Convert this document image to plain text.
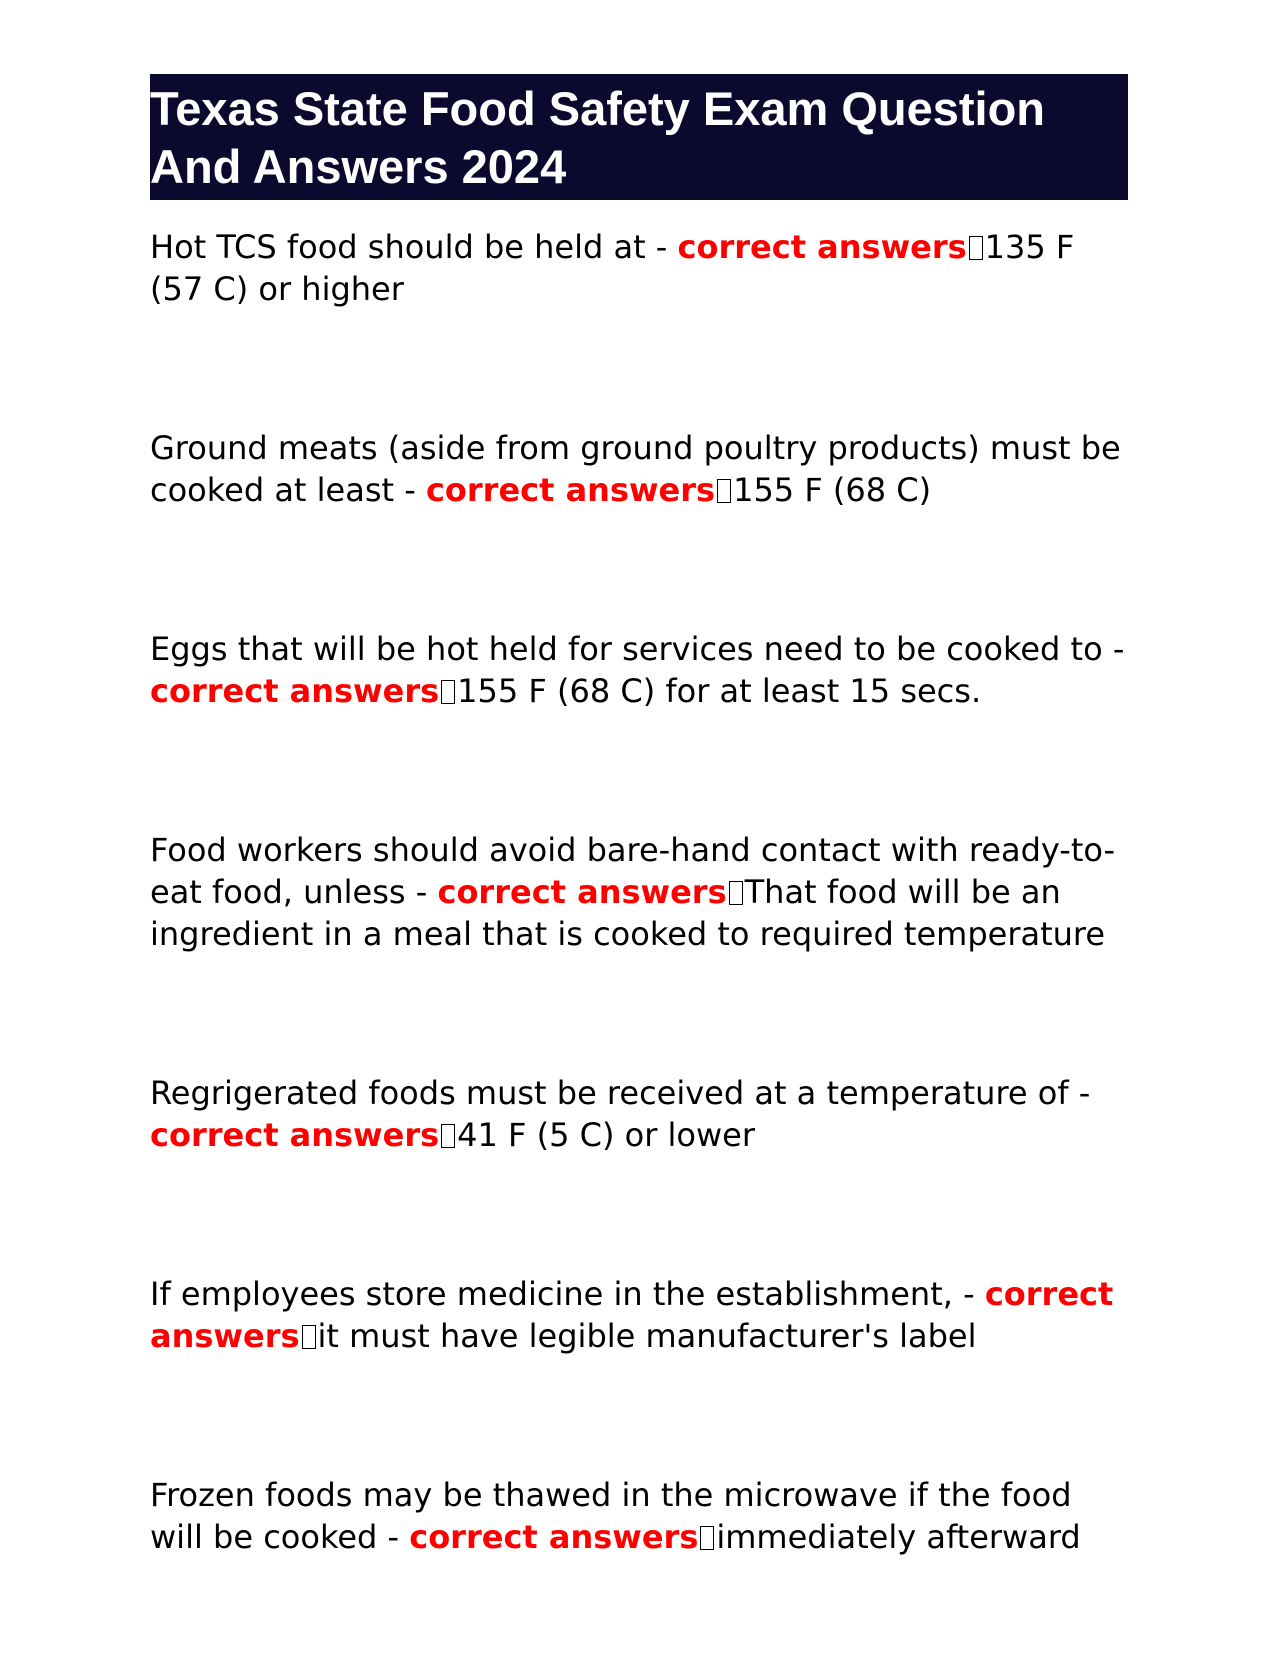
Texas State Food Safety Exam Question And Answers 2024

Hot TCS food should be held at - correct answers 135 F (57 C) or higher

Ground meats (aside from ground poultry products) must be cooked at least - correct answers 155 F (68 C)

Eggs that will be hot held for services need to be cooked to - correct answers 155 F (68 C) for at least 15 secs.

Food workers should avoid bare-hand contact with ready-to-eat food, unless - correct answers That food will be an ingredient in a meal that is cooked to required temperature

Regrigerated foods must be received at a temperature of - correct answers 41 F (5 C) or lower

If employees store medicine in the establishment, - correct answers it must have legible manufacturer's label

Frozen foods may be thawed in the microwave if the food will be cooked - correct answers immediately afterward
